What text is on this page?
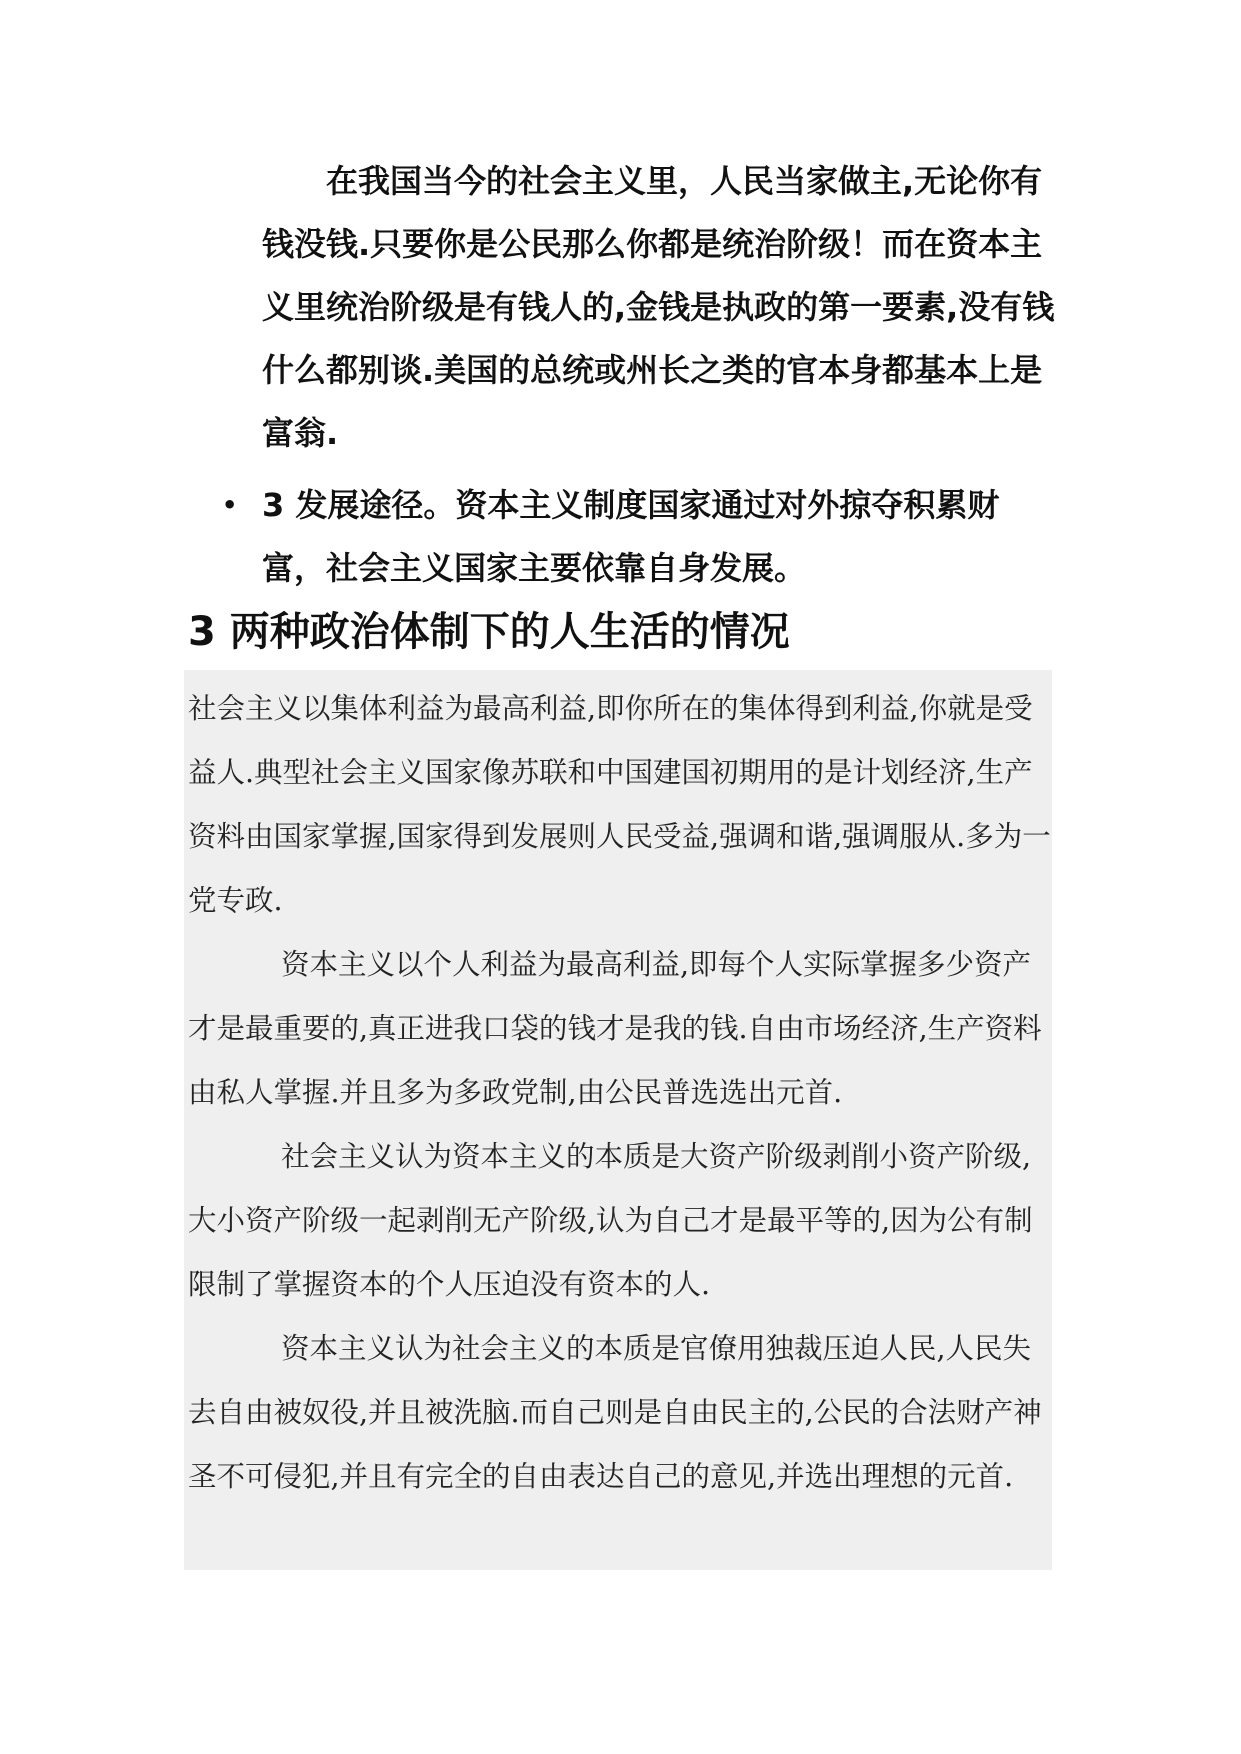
在我国当今的社会主义里，人民当家做主,无论你有钱没钱.只要你是公民那么你都是统治阶级！而在资本主义里统治阶级是有钱人的,金钱是执政的第一要素,没有钱什么都别谈.美国的总统或州长之类的官本身都基本上是富翁.

• 3 发展途径。资本主义制度国家通过对外掠夺积累财富，社会主义国家主要依靠自身发展。
3 两种政治体制下的人生活的情况

社会主义以集体利益为最高利益,即你所在的集体得到利益,你就是受益人.典型社会主义国家像苏联和中国建国初期用的是计划经济,生产资料由国家掌握,国家得到发展则人民受益,强调和谐,强调服从.多为一党专政.

资本主义以个人利益为最高利益,即每个人实际掌握多少资产才是最重要的,真正进我口袋的钱才是我的钱.自由市场经济,生产资料由私人掌握.并且多为多政党制,由公民普选选出元首.

社会主义认为资本主义的本质是大资产阶级剥削小资产阶级,大小资产阶级一起剥削无产阶级,认为自己才是最平等的,因为公有制限制了掌握资本的个人压迫没有资本的人.

资本主义认为社会主义的本质是官僚用独裁压迫人民,人民失去自由被奴役,并且被洗脑.而自己则是自由民主的,公民的合法财产神圣不可侵犯,并且有完全的自由表达自己的意见,并选出理想的元首.
